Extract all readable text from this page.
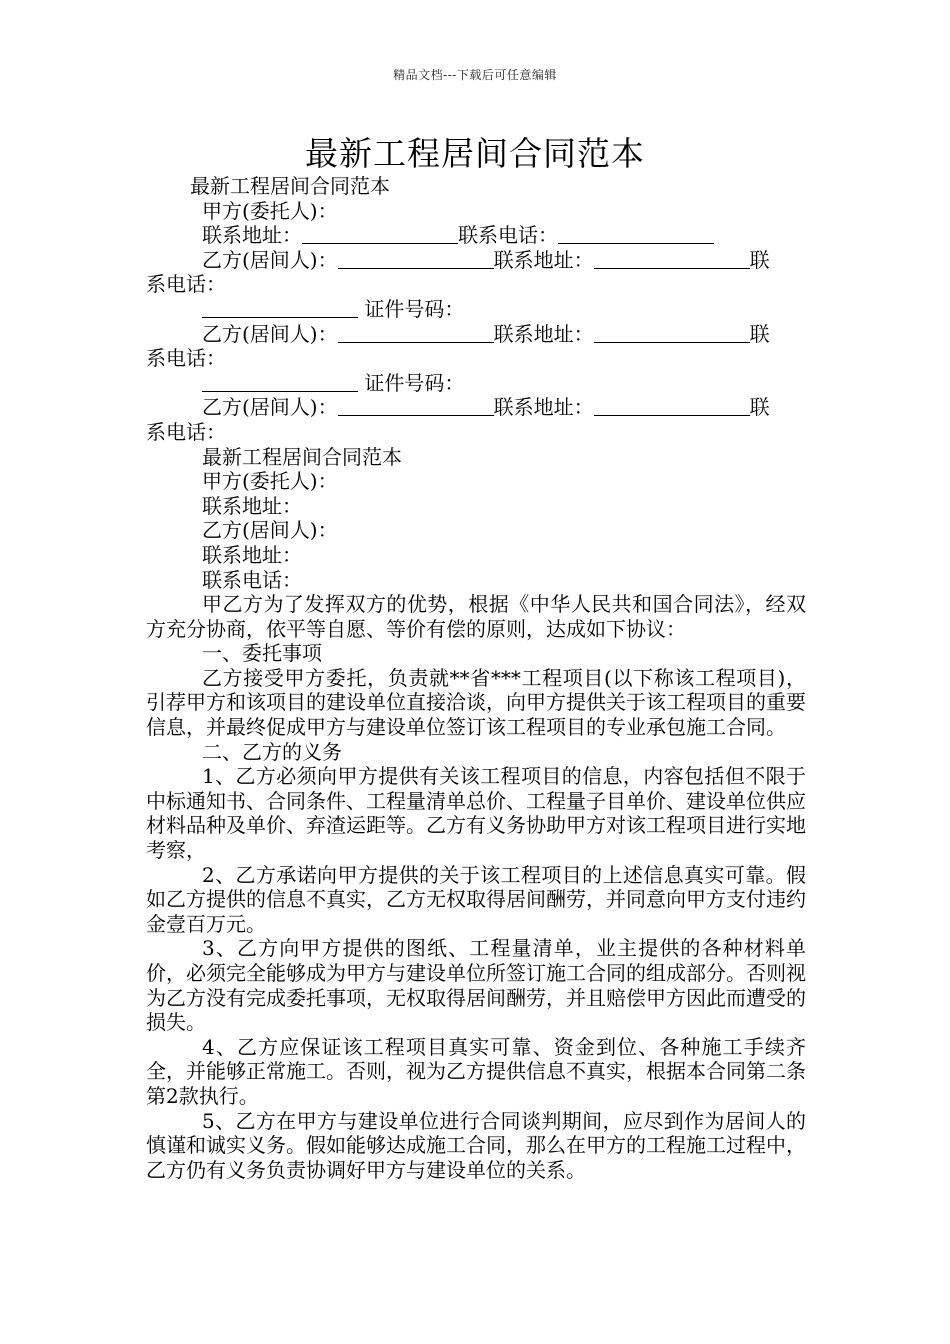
精品文档---下载后可任意编辑
最新工程居间合同范本

最新工程居间合同范本

甲方(委托人)：

联系地址：	联系电话：

乙方(居间人)：	联系地址：	联

系电话：

证件号码：

乙方(居间人)：	联系地址：	联

系电话：

证件号码：

乙方(居间人)：	联系地址：	联

系电话：

最新工程居间合同范本

甲方(委托人)：

联系地址：

乙方(居间人)：

联系地址：

联系电话：

甲乙方为了发挥双方的优势，根据《中华人民共和国合同法》，经双方充分协商，依平等自愿、等价有偿的原则，达成如下协议：

一、委托事项

乙方接受甲方委托，负责就**省***工程项目(以下称该工程项目)，引荐甲方和该项目的建设单位直接洽谈，向甲方提供关于该工程项目的重要信息，并最终促成甲方与建设单位签订该工程项目的专业承包施工合同。

二、乙方的义务

1、乙方必须向甲方提供有关该工程项目的信息，内容包括但不限于中标通知书、合同条件、工程量清单总价、工程量子目单价、建设单位供应材料品种及单价、弃渣运距等。乙方有义务协助甲方对该工程项目进行实地考察，

2、乙方承诺向甲方提供的关于该工程项目的上述信息真实可靠。假如乙方提供的信息不真实，乙方无权取得居间酬劳，并同意向甲方支付违约金壹百万元。

3、乙方向甲方提供的图纸、工程量清单，业主提供的各种材料单价，必须完全能够成为甲方与建设单位所签订施工合同的组成部分。否则视为乙方没有完成委托事项，无权取得居间酬劳，并且赔偿甲方因此而遭受的损失。

4、乙方应保证该工程项目真实可靠、资金到位、各种施工手续齐全，并能够正常施工。否则，视为乙方提供信息不真实，根据本合同第二条第2款执行。

5、乙方在甲方与建设单位进行合同谈判期间，应尽到作为居间人的慎谨和诚实义务。假如能够达成施工合同，那么在甲方的工程施工过程中，乙方仍有义务负责协调好甲方与建设单位的关系。
